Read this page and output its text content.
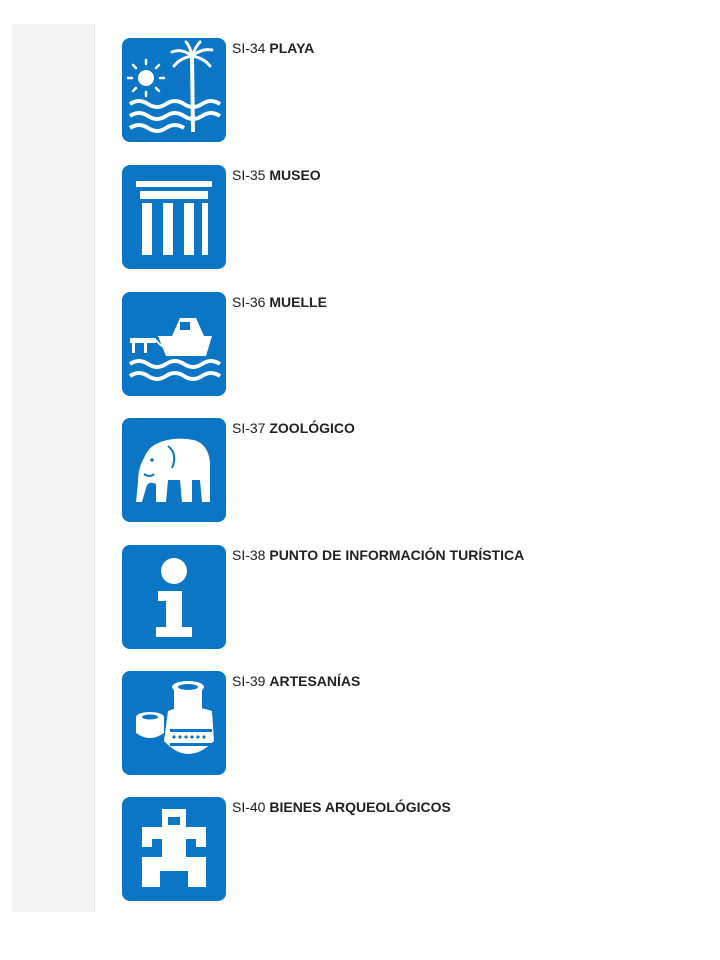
SI-34 PLAYA
SI-35 MUSEO
SI-36 MUELLE
SI-37 ZOOLÓGICO
SI-38 PUNTO DE INFORMACIÓN TURÍSTICA
SI-39 ARTESANÍAS
SI-40 BIENES ARQUEOLÓGICOS
